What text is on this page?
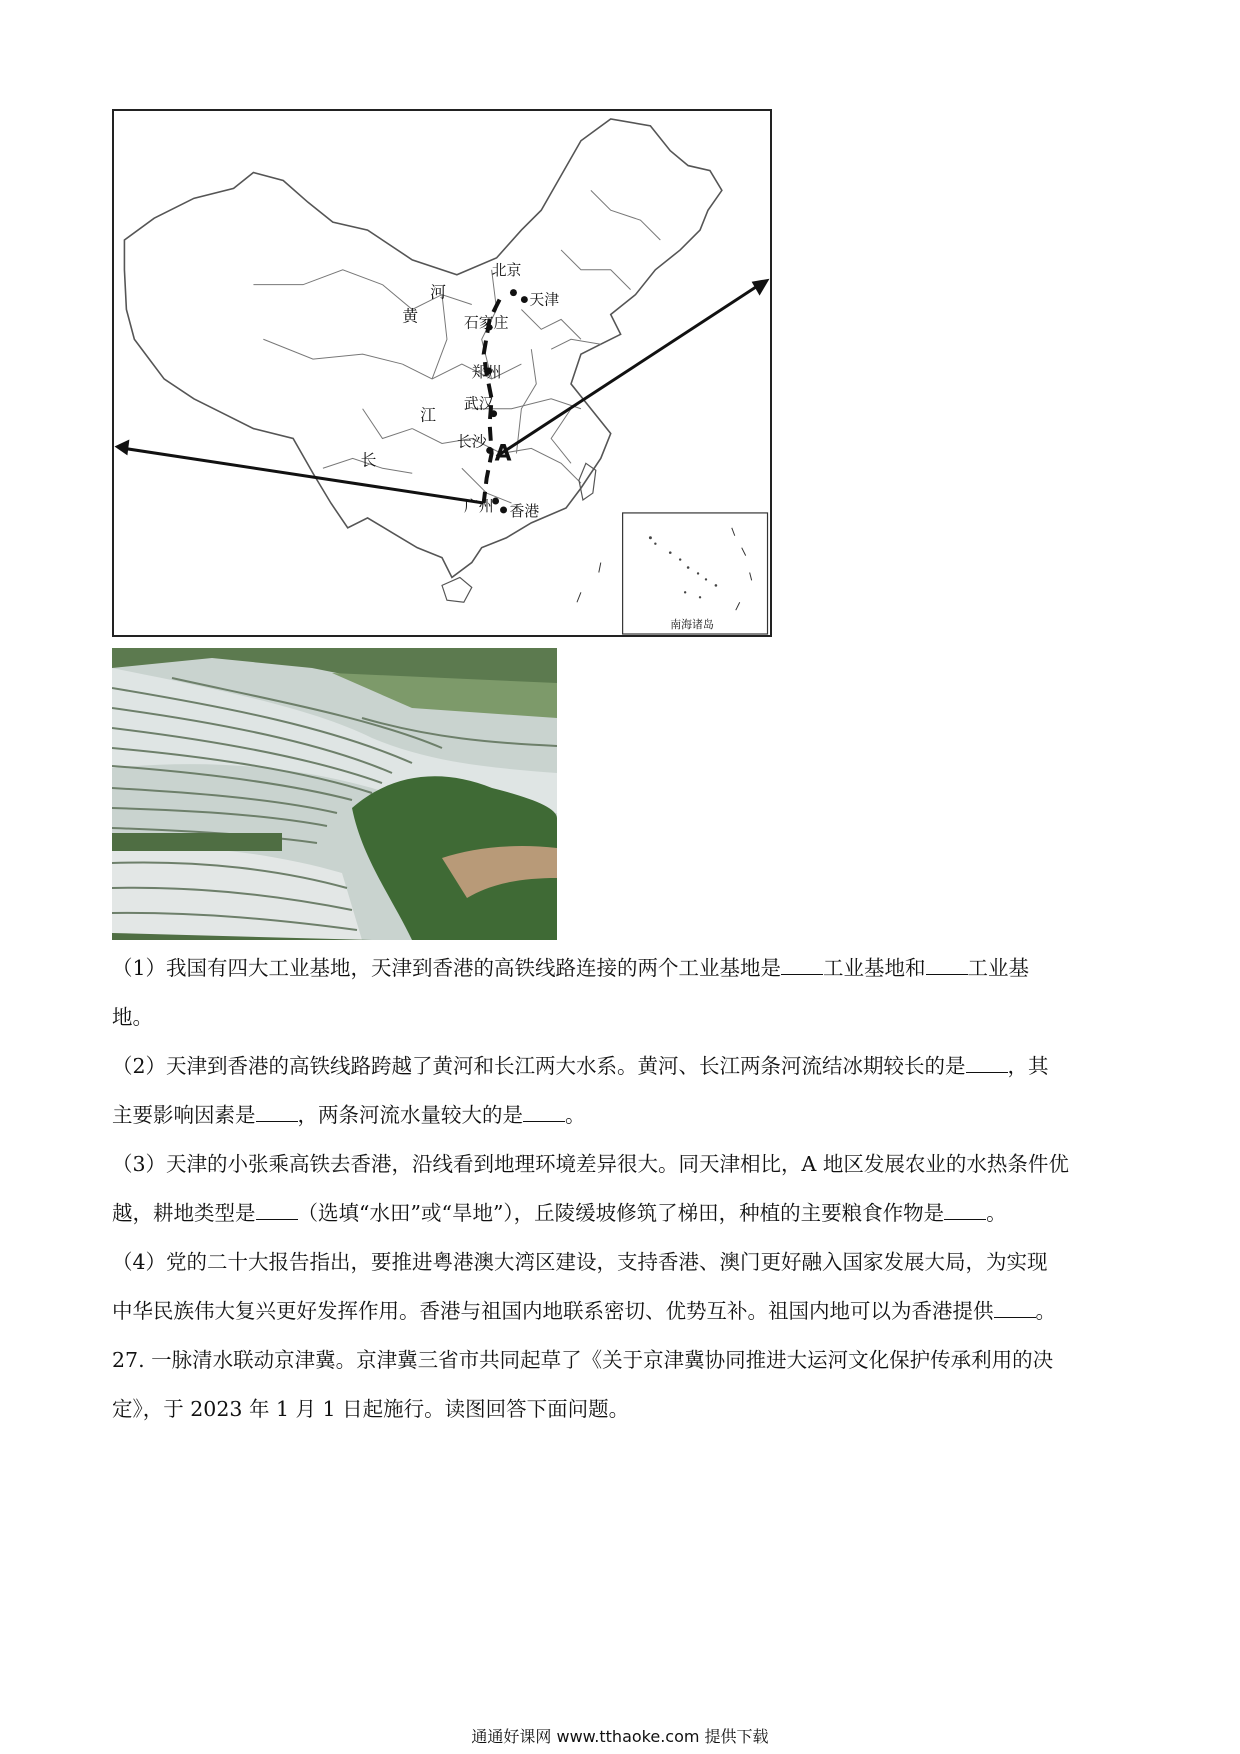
南海诸岛
北京
天津
石家庄
郑州
武汉
长沙
广州 香港
A
河
黄
江
长

（1）我国有四大工业基地，天津到香港的高铁线路连接的两个工业基地是 工业基地和 工业基

地。

（2）天津到香港的高铁线路跨越了黄河和长江两大水系。黄河、长江两条河流结冰期较长的是 ，其

主要影响因素是 ，两条河流水量较大的是 。

（3）天津的小张乘高铁去香港，沿线看到地理环境差异很大。同天津相比，A 地区发展农业的水热条件优

越，耕地类型是 （选填“水田”或“旱地”），丘陵缓坡修筑了梯田，种植的主要粮食作物是 。

（4）党的二十大报告指出，要推进粤港澳大湾区建设，支持香港、澳门更好融入国家发展大局，为实现

中华民族伟大复兴更好发挥作用。香港与祖国内地联系密切、优势互补。祖国内地可以为香港提供 。

27. 一脉清水联动京津冀。京津冀三省市共同起草了《关于京津冀协同推进大运河文化保护传承利用的决

定》，于 2023 年 1 月 1 日起施行。读图回答下面问题。

通通好课网 www.tthaoke.com 提供下载
